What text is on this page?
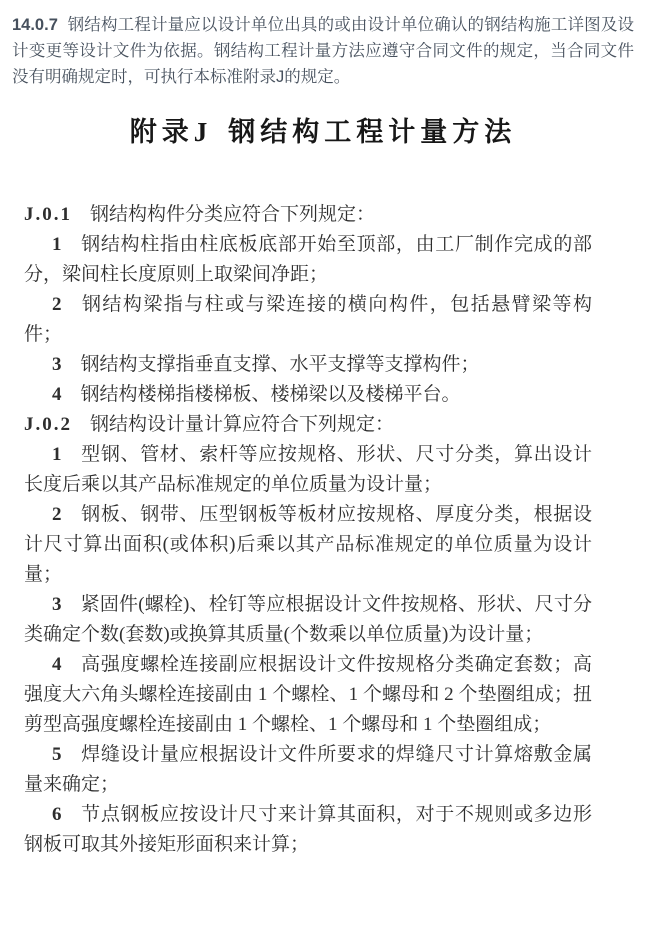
14.0.7 钢结构工程计量应以设计单位出具的或由设计单位确认的钢结构施工详图及设计变更等设计文件为依据。钢结构工程计量方法应遵守合同文件的规定，当合同文件没有明确规定时，可执行本标准附录J的规定。

附录J 钢结构工程计量方法

J.0.1 钢结构构件分类应符合下列规定：

1 钢结构柱指由柱底板底部开始至顶部，由工厂制作完成的部分，梁间柱长度原则上取梁间净距；

2 钢结构梁指与柱或与梁连接的横向构件，包括悬臂梁等构件；

3 钢结构支撑指垂直支撑、水平支撑等支撑构件；

4 钢结构楼梯指楼梯板、楼梯梁以及楼梯平台。

J.0.2 钢结构设计量计算应符合下列规定：

1 型钢、管材、索杆等应按规格、形状、尺寸分类，算出设计长度后乘以其产品标准规定的单位质量为设计量；

2 钢板、钢带、压型钢板等板材应按规格、厚度分类，根据设计尺寸算出面积(或体积)后乘以其产品标准规定的单位质量为设计量；

3 紧固件(螺栓)、栓钉等应根据设计文件按规格、形状、尺寸分类确定个数(套数)或换算其质量(个数乘以单位质量)为设计量；

4 高强度螺栓连接副应根据设计文件按规格分类确定套数；高强度大六角头螺栓连接副由 1 个螺栓、1 个螺母和 2 个垫圈组成；扭剪型高强度螺栓连接副由 1 个螺栓、1 个螺母和 1 个垫圈组成；

5 焊缝设计量应根据设计文件所要求的焊缝尺寸计算熔敷金属量来确定；

6 节点钢板应按设计尺寸来计算其面积，对于不规则或多边形钢板可取其外接矩形面积来计算；
